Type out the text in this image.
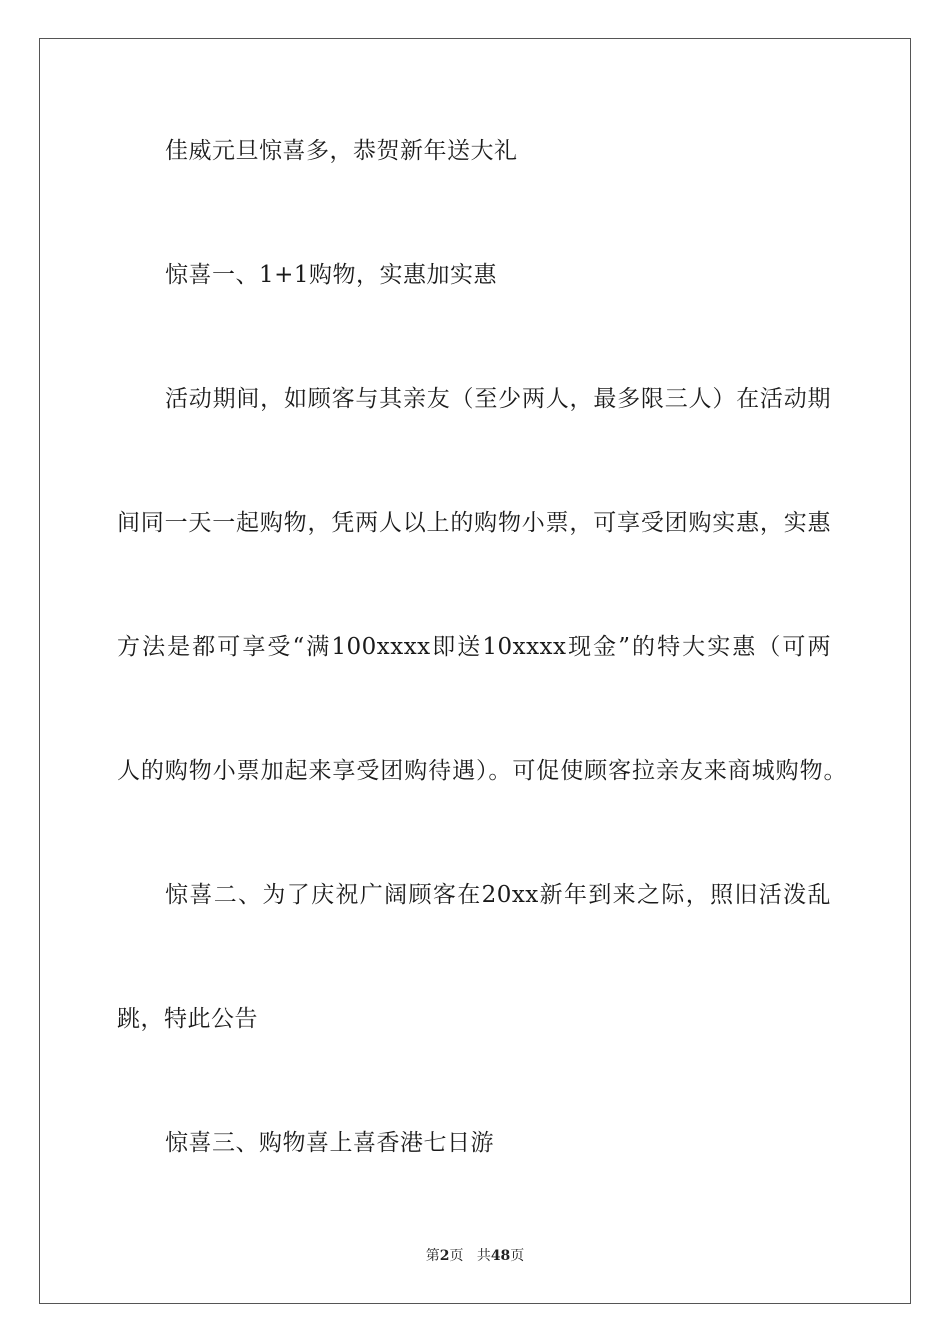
佳威元旦惊喜多，恭贺新年送大礼
惊喜一、1+1购物，实惠加实惠
活动期间，如顾客与其亲友（至少两人，最多限三人）在活动期
间同一天一起购物，凭两人以上的购物小票，可享受团购实惠，实惠
方法是都可享受“满100xxxx即送10xxxx现金”的特大实惠（可两
人的购物小票加起来享受团购待遇）。可促使顾客拉亲友来商城购物。
惊喜二、为了庆祝广阔顾客在20xx新年到来之际，照旧活泼乱
跳，特此公告
惊喜三、购物喜上喜香港七日游
第2页 共48页
